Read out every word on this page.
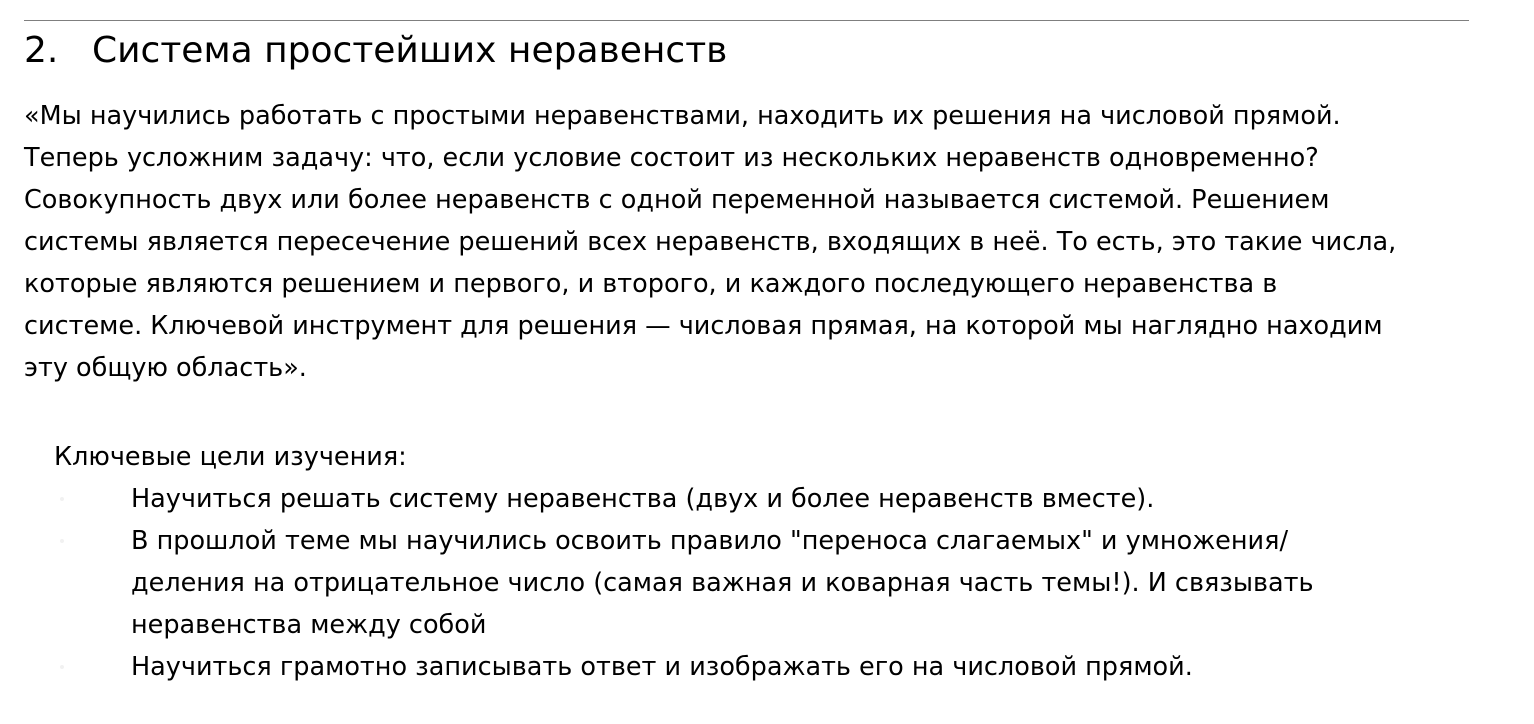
2. Система простейших неравенств

«Мы научились работать с простыми неравенствами, находить их решения на числовой прямой.
Теперь усложним задачу: что, если условие состоит из нескольких неравенств одновременно?
Совокупность двух или более неравенств с одной переменной называется системой. Решением
системы является пересечение решений всех неравенств, входящих в неё. То есть, это такие числа,
которые являются решением и первого, и второго, и каждого последующего неравенства в
системе. Ключевой инструмент для решения — числовая прямая, на которой мы наглядно находим
эту общую область».

Ключевые цели изучения:

Научиться решать систему неравенства (двух и более неравенств вместе).
В прошлой теме мы научились освоить правило "переноса слагаемых" и умножения/
деления на отрицательное число (самая важная и коварная часть темы!). И связывать
неравенства между собой
Научиться грамотно записывать ответ и изображать его на числовой прямой.
